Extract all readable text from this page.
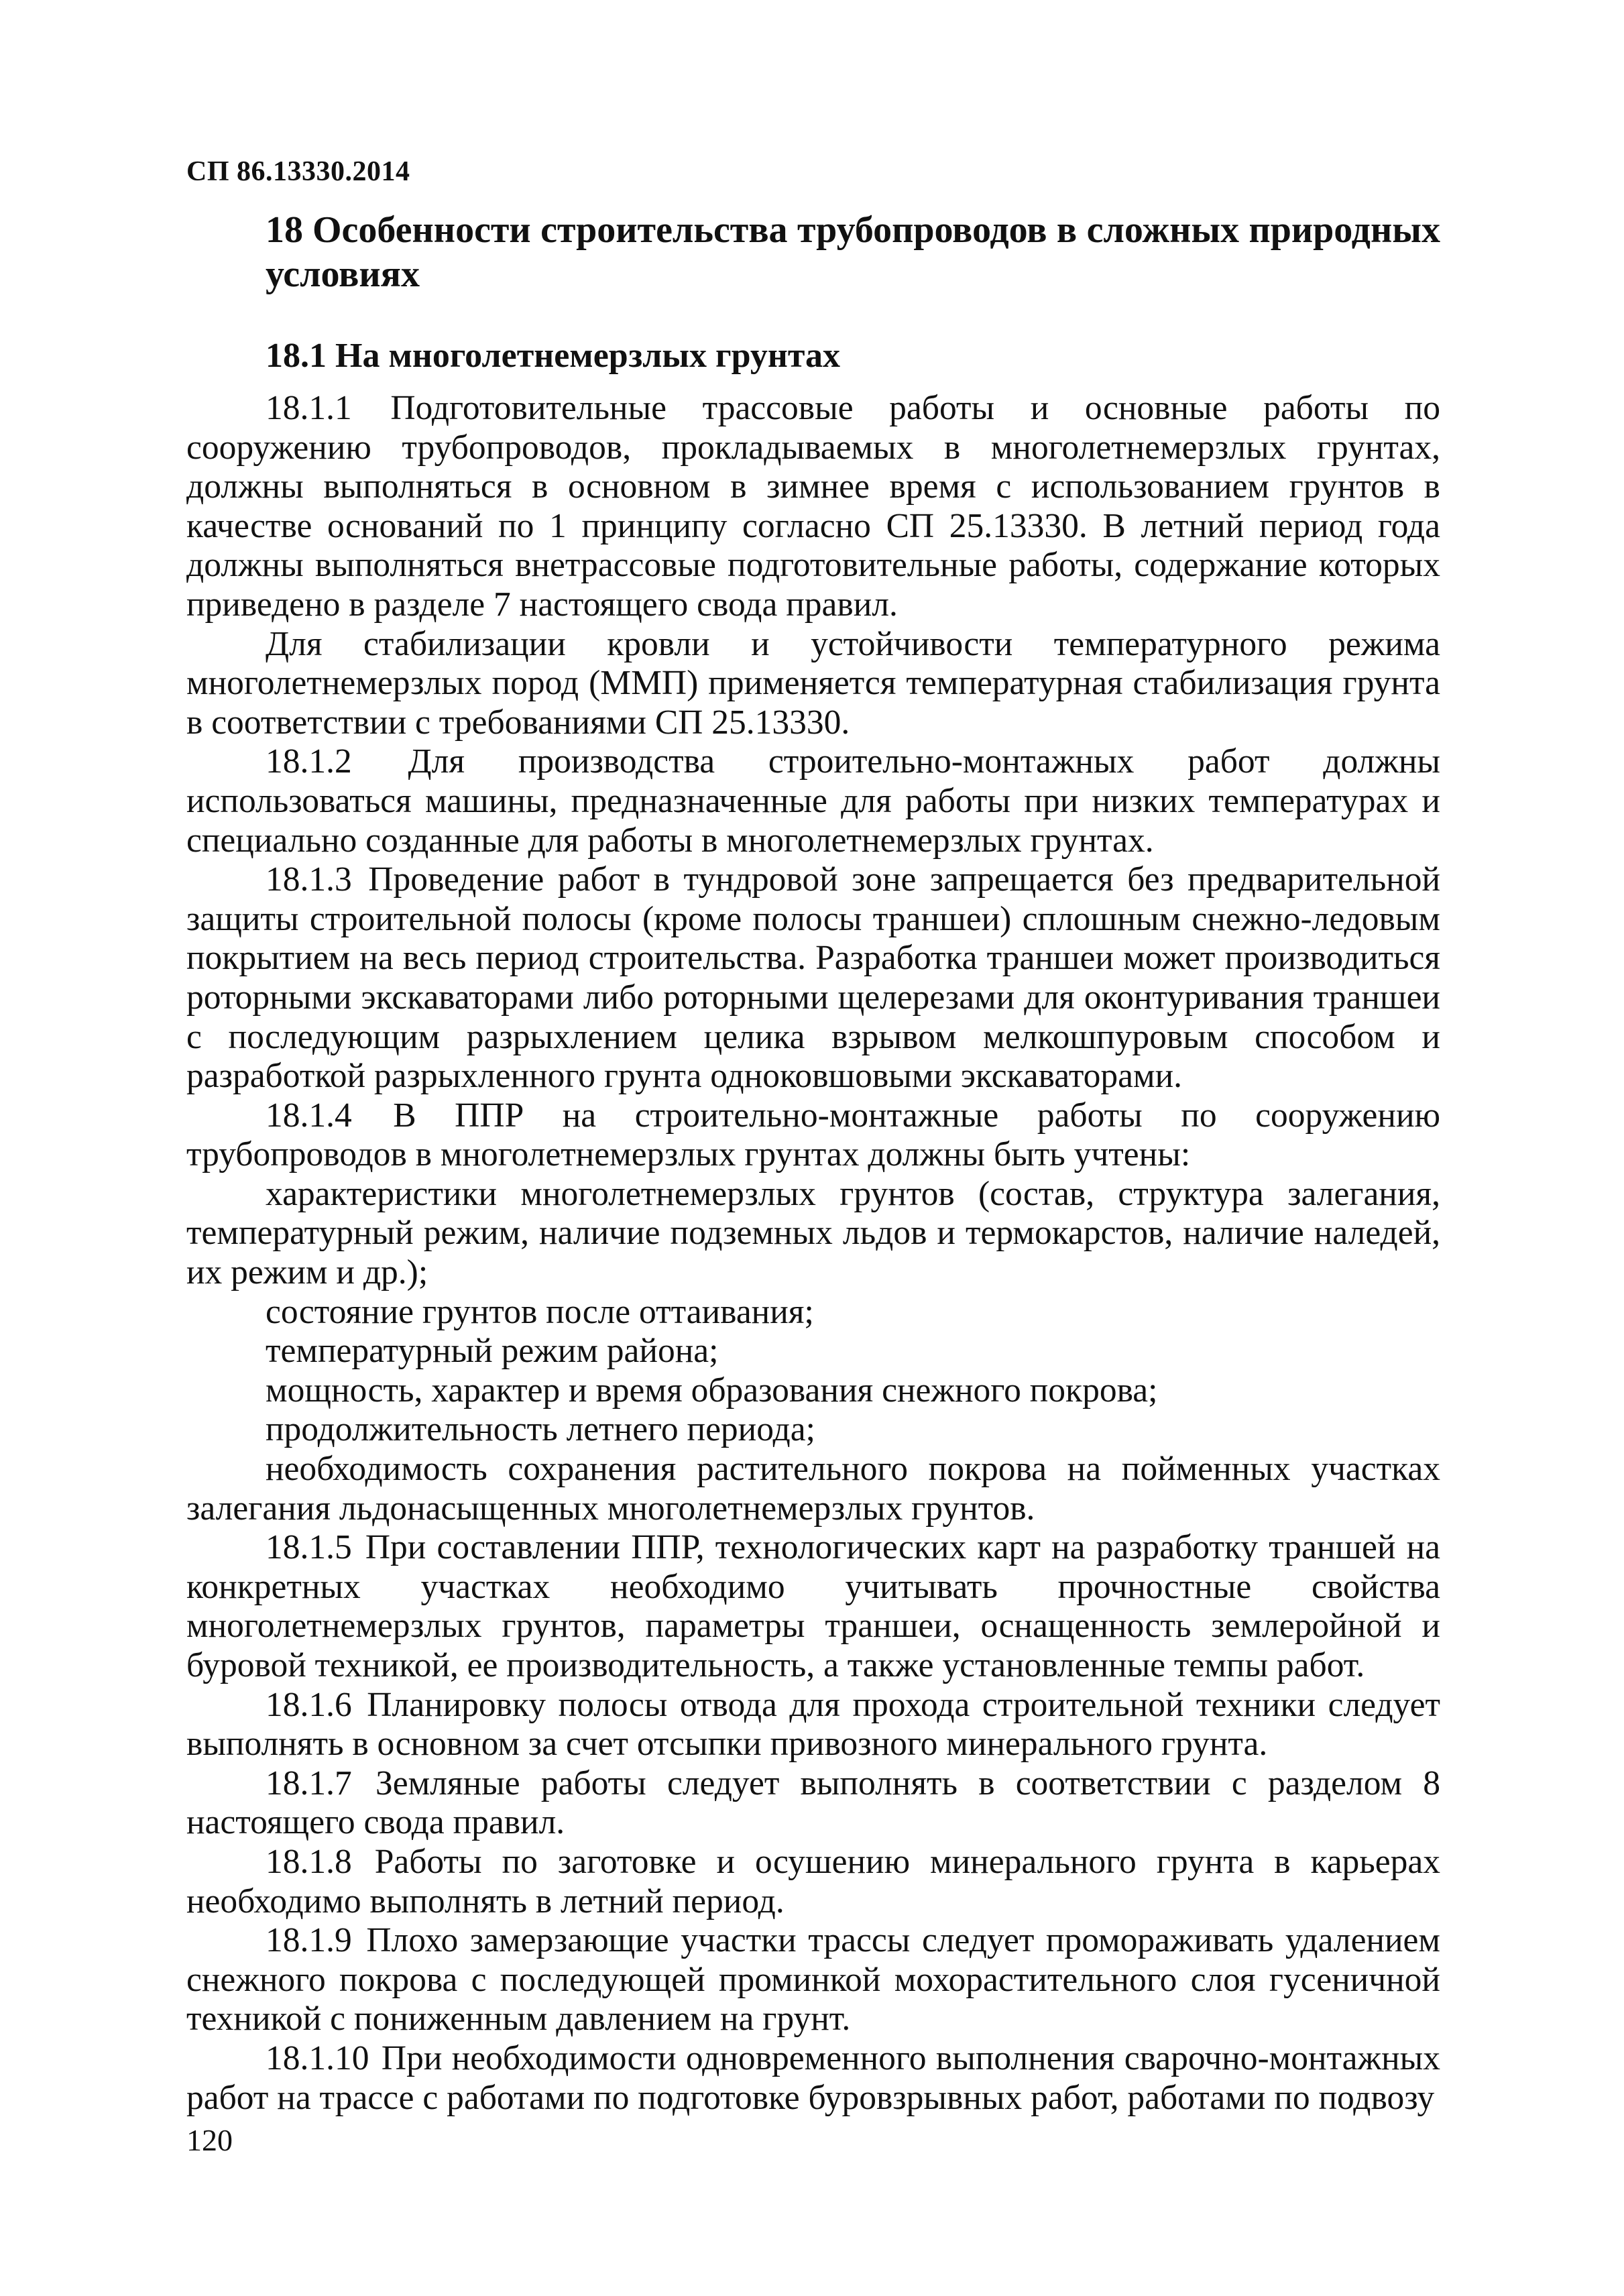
СП 86.13330.2014
18 Особенности строительства трубопроводов в сложных природных условиях
18.1 На многолетнемерзлых грунтах

18.1.1 Подготовительные трассовые работы и основные работы по сооружению трубопроводов, прокладываемых в многолетнемерзлых грунтах, должны выполняться в основном в зимнее время с использованием грунтов в качестве оснований по 1 принципу согласно СП 25.13330. В летний период года должны выполняться внетрассовые подготовительные работы, содержание которых приведено в разделе 7 настоящего свода правил.

Для стабилизации кровли и устойчивости температурного режима многолетнемерзлых пород (ММП) применяется температурная стабилизация грунта в соответствии с требованиями СП 25.13330.

18.1.2 Для производства строительно-монтажных работ должны использоваться машины, предназначенные для работы при низких температурах и специально созданные для работы в многолетнемерзлых грунтах.

18.1.3 Проведение работ в тундровой зоне запрещается без предварительной защиты строительной полосы (кроме полосы траншеи) сплошным снежно-ледовым покрытием на весь период строительства. Разработка траншеи может производиться роторными экскаваторами либо роторными щелерезами для оконтуривания траншеи с последующим разрыхлением целика взрывом мелкошпуровым способом и разработкой разрыхленного грунта одноковшовыми экскаваторами.

18.1.4 В ППР на строительно-монтажные работы по сооружению трубопроводов в многолетнемерзлых грунтах должны быть учтены:

характеристики многолетнемерзлых грунтов (состав, структура залегания, температурный режим, наличие подземных льдов и термокарстов, наличие наледей, их режим и др.);

состояние грунтов после оттаивания;

температурный режим района;

мощность, характер и время образования снежного покрова;

продолжительность летнего периода;

необходимость сохранения растительного покрова на пойменных участках залегания льдонасыщенных многолетнемерзлых грунтов.

18.1.5 При составлении ППР, технологических карт на разработку траншей на конкретных участках необходимо учитывать прочностные свойства многолетнемерзлых грунтов, параметры траншеи, оснащенность землеройной и буровой техникой, ее производительность, а также установленные темпы работ.

18.1.6 Планировку полосы отвода для прохода строительной техники следует выполнять в основном за счет отсыпки привозного минерального грунта.

18.1.7 Земляные работы следует выполнять в соответствии с разделом 8 настоящего свода правил.

18.1.8 Работы по заготовке и осушению минерального грунта в карьерах необходимо выполнять в летний период.

18.1.9 Плохо замерзающие участки трассы следует промораживать удалением снежного покрова с последующей проминкой мохорастительного слоя гусеничной техникой с пониженным давлением на грунт.

18.1.10 При необходимости одновременного выполнения сварочно-монтажных работ на трассе с работами по подготовке буровзрывных работ, работами по подвозу

120
